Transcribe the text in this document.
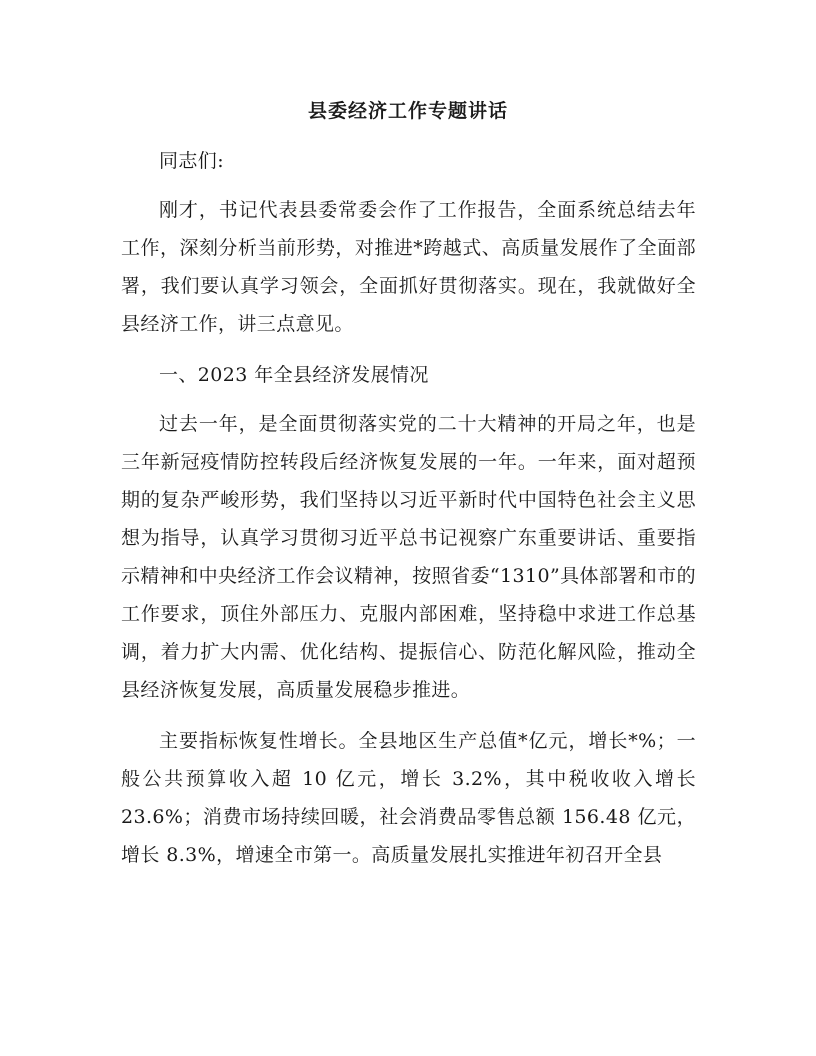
县委经济工作专题讲话

同志们:

刚才，书记代表县委常委会作了工作报告，全面系统总结去年工作，深刻分析当前形势，对推进*跨越式、高质量发展作了全面部署，我们要认真学习领会，全面抓好贯彻落实。现在，我就做好全县经济工作，讲三点意见。

一、2023 年全县经济发展情况

过去一年，是全面贯彻落实党的二十大精神的开局之年，也是三年新冠疫情防控转段后经济恢复发展的一年。一年来，面对超预期的复杂严峻形势，我们坚持以习近平新时代中国特色社会主义思想为指导，认真学习贯彻习近平总书记视察广东重要讲话、重要指示精神和中央经济工作会议精神，按照省委“1310”具体部署和市的工作要求，顶住外部压力、克服内部困难，坚持稳中求进工作总基调，着力扩大内需、优化结构、提振信心、防范化解风险，推动全县经济恢复发展，高质量发展稳步推进。

主要指标恢复性增长。全县地区生产总值*亿元，增长*%；一般公共预算收入超 10 亿元，增长 3.2%，其中税收收入增长 23.6%；消费市场持续回暖，社会消费品零售总额 156.48 亿元，增长 8.3%，增速全市第一。高质量发展扎实推进年初召开全县
